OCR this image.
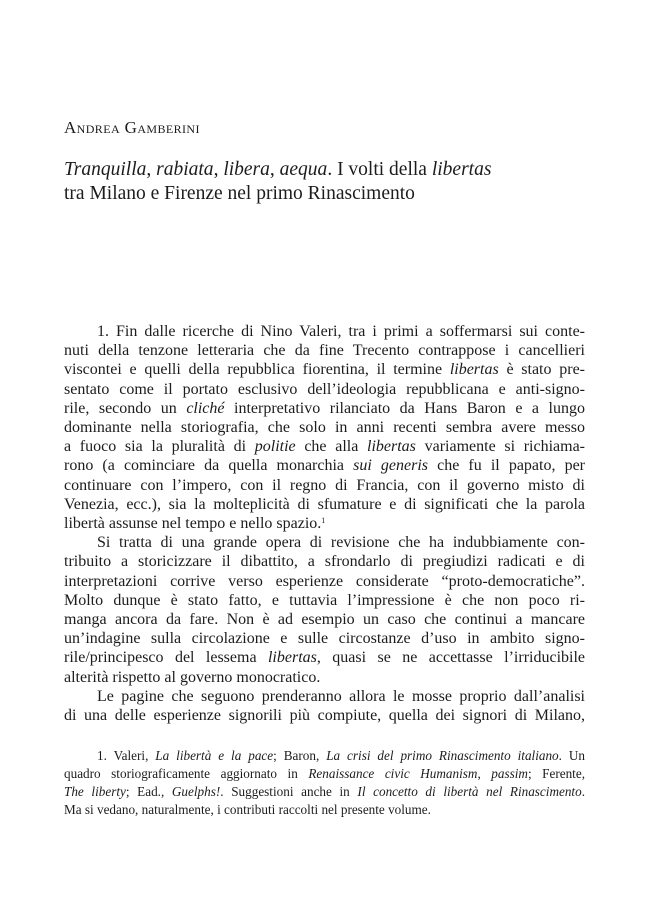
Andrea Gamberini
Tranquilla, rabiata, libera, aequa. I volti della libertas
tra Milano e Firenze nel primo Rinascimento
1. Fin dalle ricerche di Nino Valeri, tra i primi a soffermarsi sui conte-
nuti della tenzone letteraria che da fine Trecento contrappose i cancellieri
viscontei e quelli della repubblica fiorentina, il termine libertas è stato pre-
sentato come il portato esclusivo dell’ideologia repubblicana e anti-signo-
rile, secondo un cliché interpretativo rilanciato da Hans Baron e a lungo
dominante nella storiografia, che solo in anni recenti sembra avere messo
a fuoco sia la pluralità di politie che alla libertas variamente si richiama-
rono (a cominciare da quella monarchia sui generis che fu il papato, per
continuare con l’impero, con il regno di Francia, con il governo misto di
Venezia, ecc.), sia la molteplicità di sfumature e di significati che la parola
libertà assunse nel tempo e nello spazio.$^1$
Si tratta di una grande opera di revisione che ha indubbiamente con-
tribuito a storicizzare il dibattito, a sfrondarlo di pregiudizi radicati e di
interpretazioni corrive verso esperienze considerate “proto-democratiche”.
Molto dunque è stato fatto, e tuttavia l’impressione è che non poco ri-
manga ancora da fare. Non è ad esempio un caso che continui a mancare
un’indagine sulla circolazione e sulle circostanze d’uso in ambito signo-
rile/principesco del lessema libertas, quasi se ne accettasse l’irriducibile
alterità rispetto al governo monocratico.
Le pagine che seguono prenderanno allora le mosse proprio dall’analisi
di una delle esperienze signorili più compiute, quella dei signori di Milano,
1. Valeri, La libertà e la pace; Baron, La crisi del primo Rinascimento italiano. Un
quadro storiograficamente aggiornato in Renaissance civic Humanism, passim; Ferente,
The liberty; Ead., Guelphs!. Suggestioni anche in Il concetto di libertà nel Rinascimento.
Ma si vedano, naturalmente, i contributi raccolti nel presente volume.
